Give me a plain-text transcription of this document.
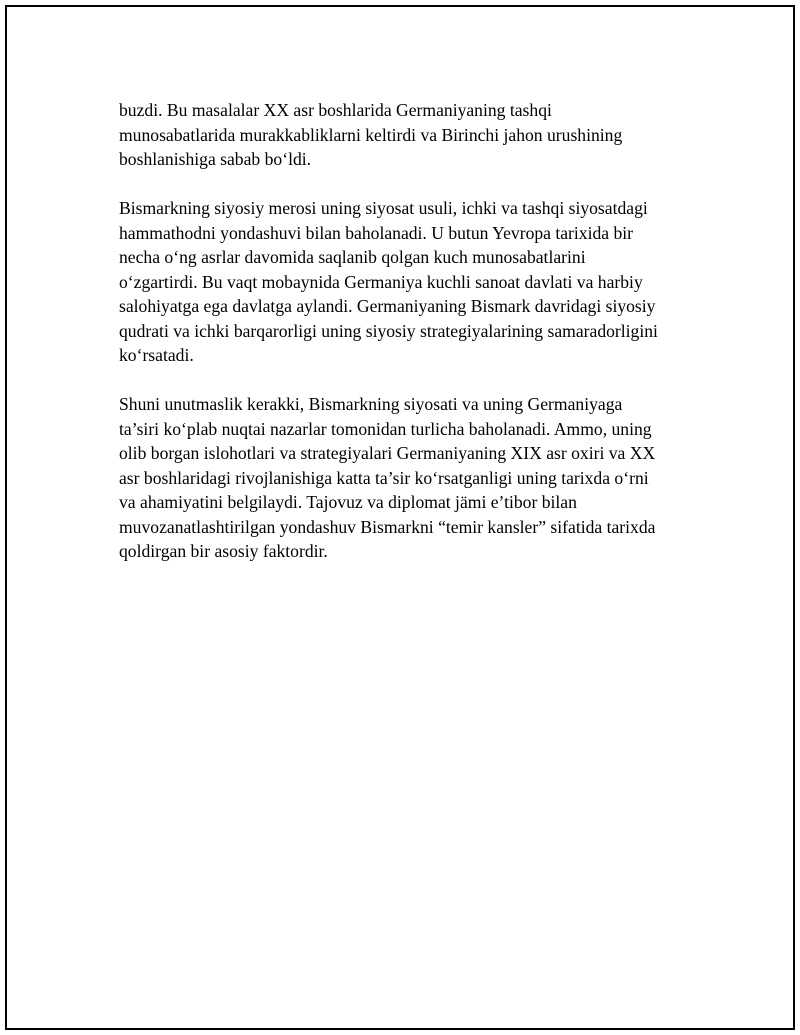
buzdi. Bu masalalar XX asr boshlarida Germaniyaning tashqi
munosabatlarida murakkabliklarni keltirdi va Birinchi jahon urushining
boshlanishiga sabab bo‘ldi.

Bismarkning siyosiy merosi uning siyosat usuli, ichki va tashqi siyosatdagi
hammathodni yondashuvi bilan baholanadi. U butun Yevropa tarixida bir
necha o‘ng asrlar davomida saqlanib qolgan kuch munosabatlarini
o‘zgartirdi. Bu vaqt mobaynida Germaniya kuchli sanoat davlati va harbiy
salohiyatga ega davlatga aylandi. Germaniyaning Bismark davridagi siyosiy
qudrati va ichki barqarorligi uning siyosiy strategiyalarining samaradorligini
ko‘rsatadi.

Shuni unutmaslik kerakki, Bismarkning siyosati va uning Germaniyaga
ta’siri ko‘plab nuqtai nazarlar tomonidan turlicha baholanadi. Ammo, uning
olib borgan islohotlari va strategiyalari Germaniyaning XIX asr oxiri va XX
asr boshlaridagi rivojlanishiga katta ta’sir ko‘rsatganligi uning tarixda o‘rni
va ahamiyatini belgilaydi. Tajovuz va diplomat jämi e’tibor bilan
muvozanatlashtirilgan yondashuv Bismarkni “temir kansler” sifatida tarixda
qoldirgan bir asosiy faktordir.
